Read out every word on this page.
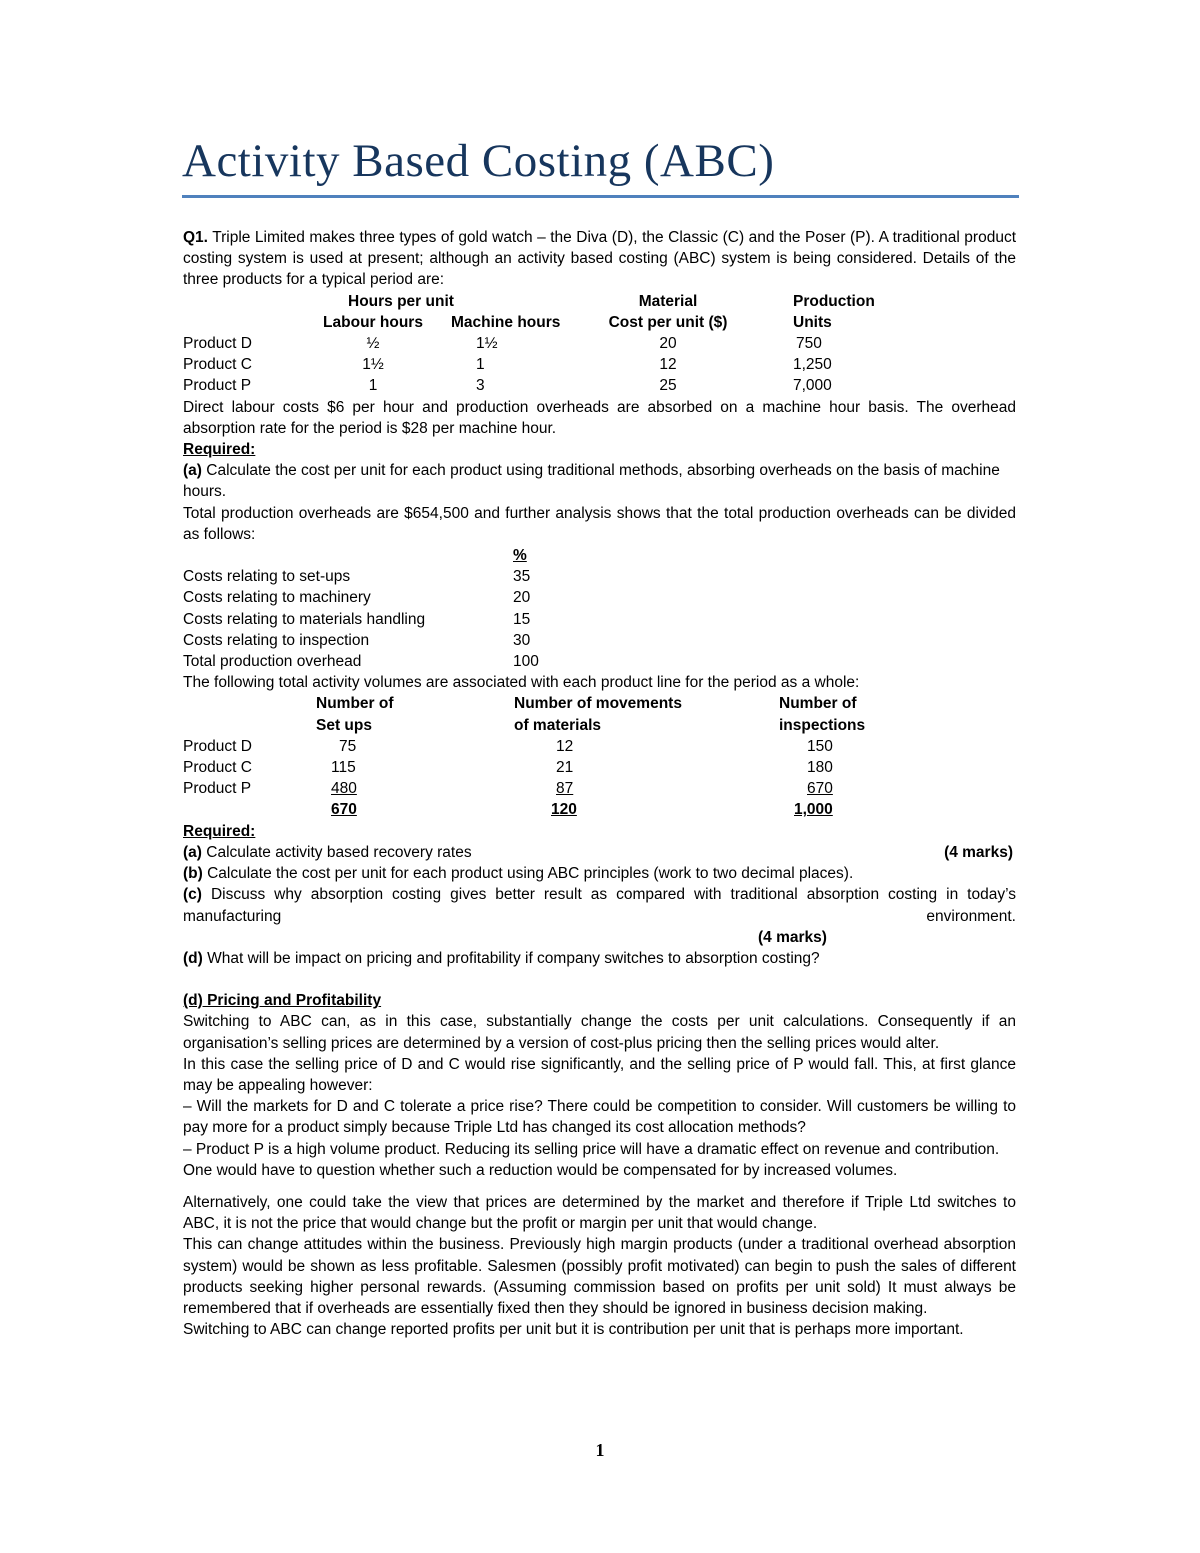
Activity Based Costing (ABC)

Q1. Triple Limited makes three types of gold watch – the Diva (D), the Classic (C) and the Poser (P). A traditional product costing system is used at present; although an activity based costing (ABC) system is being considered. Details of the three products for a typical period are:

	Hours per unit		Material	Production
	Labour hours	Machine hours	Cost per unit ($)	Units
Product D	½	1½	20	750
Product C	1½	1	12	1,250
Product P	1	3	25	7,000

Direct labour costs $6 per hour and production overheads are absorbed on a machine hour basis. The overhead absorption rate for the period is $28 per machine hour.

Required:

(a) Calculate the cost per unit for each product using traditional methods, absorbing overheads on the basis of machine hours.

Total production overheads are $654,500 and further analysis shows that the total production overheads can be divided as follows:

	%
Costs relating to set-ups	35
Costs relating to machinery	20
Costs relating to materials handling	15
Costs relating to inspection	30
Total production overhead	100

The following total activity volumes are associated with each product line for the period as a whole:

	Number of	Number of movements	Number of
	Set ups	of materials	inspections
Product D	75	12	150
Product C	115	21	180
Product P	480	87	670
	670	120	1,000

Required:

(4 marks)
(a) Calculate activity based recovery rates

(b) Calculate the cost per unit for each product using ABC principles (work to two decimal places).

(c) Discuss why absorption costing gives better result as compared with traditional absorption costing in today’s manufacturing environment. (4 marks)

(d) What will be impact on pricing and profitability if company switches to absorption costing?

(d) Pricing and Profitability

Switching to ABC can, as in this case, substantially change the costs per unit calculations. Consequently if an organisation’s selling prices are determined by a version of cost-plus pricing then the selling prices would alter.

In this case the selling price of D and C would rise significantly, and the selling price of P would fall. This, at first glance may be appealing however:

– Will the markets for D and C tolerate a price rise? There could be competition to consider. Will customers be willing to pay more for a product simply because Triple Ltd has changed its cost allocation methods?

– Product P is a high volume product. Reducing its selling price will have a dramatic effect on revenue and contribution.

One would have to question whether such a reduction would be compensated for by increased volumes.

Alternatively, one could take the view that prices are determined by the market and therefore if Triple Ltd switches to ABC, it is not the price that would change but the profit or margin per unit that would change.

This can change attitudes within the business. Previously high margin products (under a traditional overhead absorption system) would be shown as less profitable. Salesmen (possibly profit motivated) can begin to push the sales of different products seeking higher personal rewards. (Assuming commission based on profits per unit sold) It must always be remembered that if overheads are essentially fixed then they should be ignored in business decision making.

Switching to ABC can change reported profits per unit but it is contribution per unit that is perhaps more important.

1
